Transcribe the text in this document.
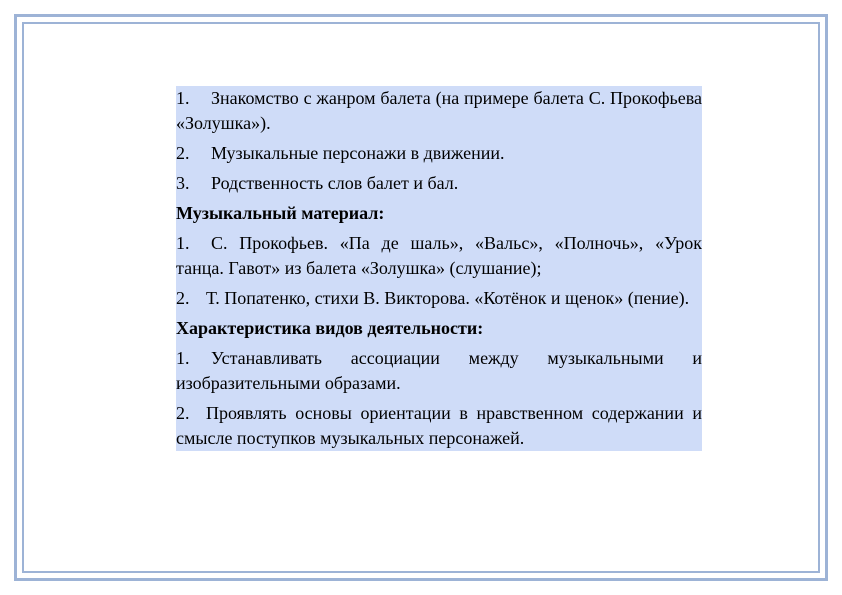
1. Знакомство с жанром балета (на примере балета С. Прокофьева «Золушка»).

2. Музыкальные персонажи в движении.

3. Родственность слов балет и бал.

Музыкальный материал:

1. С. Прокофьев. «Па де шаль», «Вальс», «Полночь», «Урок танца. Гавот» из балета «Золушка» (слушание);

2. Т. Попатенко, стихи В. Викторова. «Котёнок и щенок» (пение).

Характеристика видов деятельности:

1. Устанавливать ассоциации между музыкальными и изобразительными образами.

2. Проявлять основы ориентации в нравственном содержании и смысле поступков музыкальных персонажей.
